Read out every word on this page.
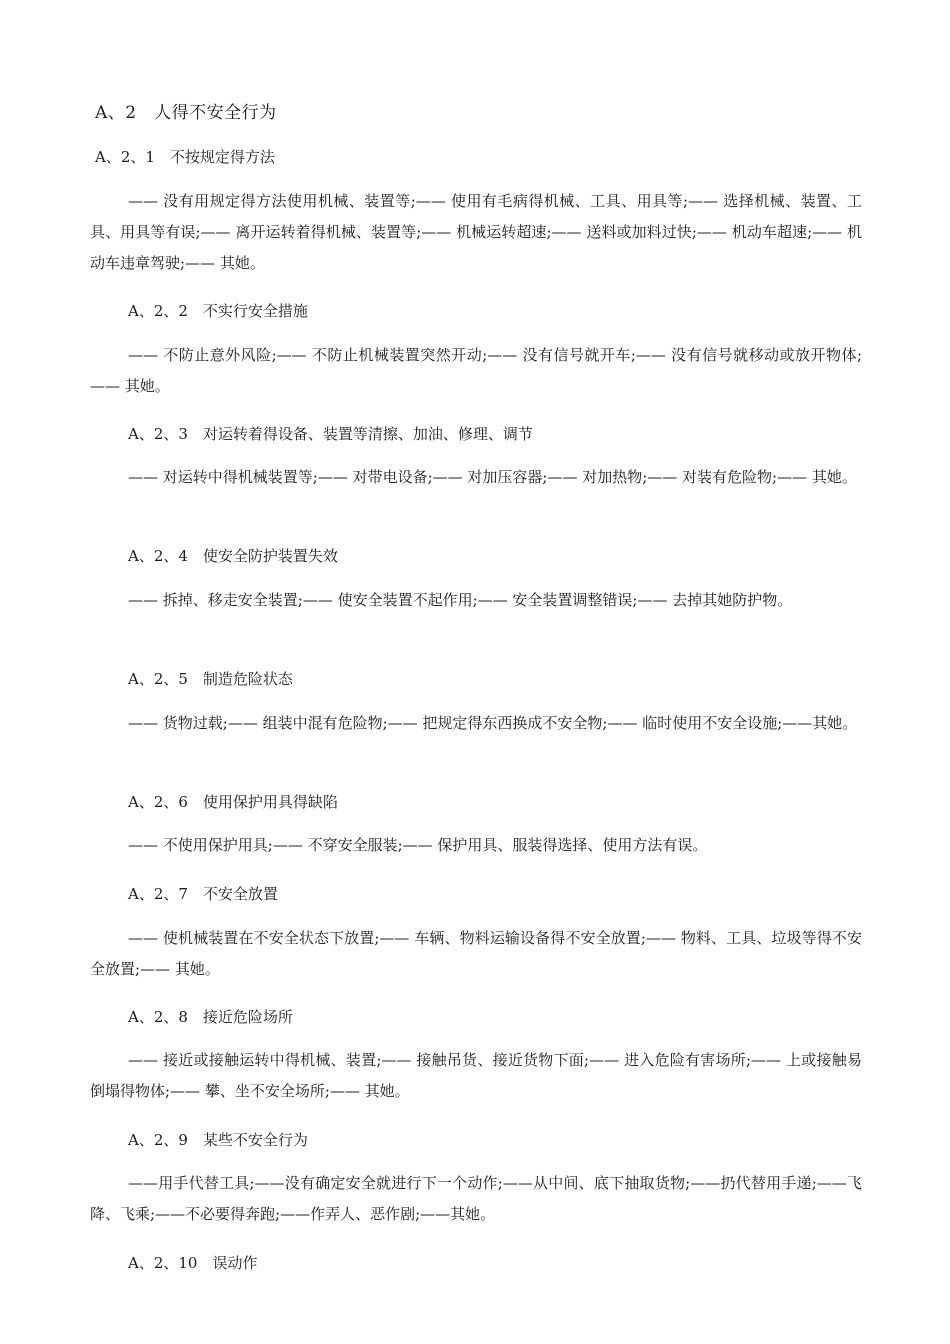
A、2　人得不安全行为
A、2、1　不按规定得方法
—— 没有用规定得方法使用机械、装置等;—— 使用有毛病得机械、工具、用具等;—— 选择机械、装置、工具、用具等有误;—— 离开运转着得机械、装置等;—— 机械运转超速;—— 送料或加料过快;—— 机动车超速;—— 机动车违章驾驶;—— 其她。
A、2、2　不实行安全措施
—— 不防止意外风险;—— 不防止机械装置突然开动;—— 没有信号就开车;—— 没有信号就移动或放开物体;—— 其她。
A、2、3　对运转着得设备、装置等清擦、加油、修理、调节
—— 对运转中得机械装置等;—— 对带电设备;—— 对加压容器;—— 对加热物;—— 对装有危险物;—— 其她。
A、2、4　使安全防护装置失效
—— 拆掉、移走安全装置;—— 使安全装置不起作用;—— 安全装置调整错误;—— 去掉其她防护物。
A、2、5　制造危险状态
—— 货物过载;—— 组装中混有危险物;—— 把规定得东西换成不安全物;—— 临时使用不安全设施;——其她。
A、2、6　使用保护用具得缺陷
—— 不使用保护用具;—— 不穿安全服装;—— 保护用具、服装得选择、使用方法有误。
A、2、7　不安全放置
—— 使机械装置在不安全状态下放置;—— 车辆、物料运输设备得不安全放置;—— 物料、工具、垃圾等得不安全放置;—— 其她。
A、2、8　接近危险场所
—— 接近或接触运转中得机械、装置;—— 接触吊货、接近货物下面;—— 进入危险有害场所;—— 上或接触易倒塌得物体;—— 攀、坐不安全场所;—— 其她。
A、2、9　某些不安全行为
——用手代替工具;——没有确定安全就进行下一个动作;——从中间、底下抽取货物;——扔代替用手递;——飞降、飞乘;——不必要得奔跑;——作弄人、恶作剧;——其她。
A、2、10　误动作
